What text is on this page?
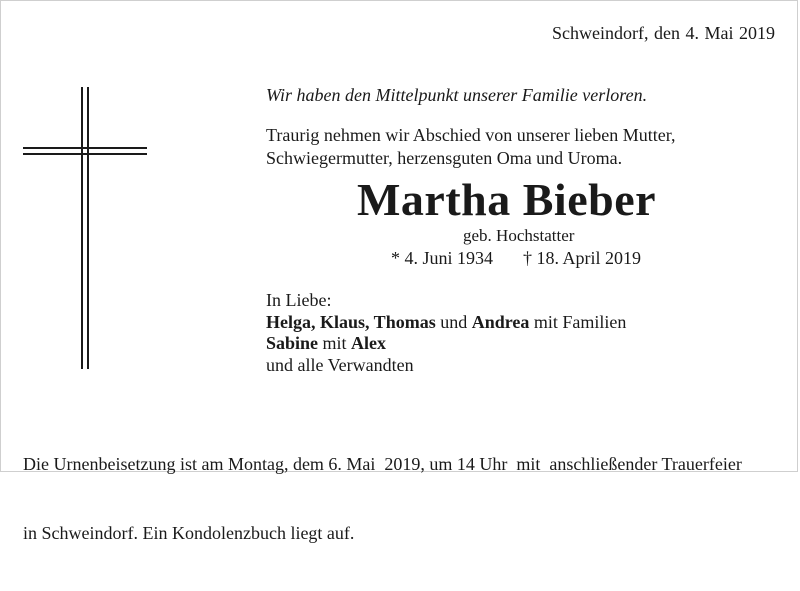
Schweindorf, den 4. Mai 2019
Wir haben den Mittelpunkt unserer Familie verloren.
Traurig nehmen wir Abschied von unserer lieben Mutter,
Schwiegermutter, herzensguten Oma und Uroma.
Martha Bieber
geb. Hochstatter
* 4. Juni 1934 † 18. April 2019
In Liebe:
Helga, Klaus, Thomas und Andrea mit Familien
Sabine mit Alex
und alle Verwandten

Die Urnenbeisetzung ist am Montag, dem 6. Mai  2019, um 14 Uhr  mit  anschließender Trauerfeier

in Schweindorf. Ein Kondolenzbuch liegt auf.
